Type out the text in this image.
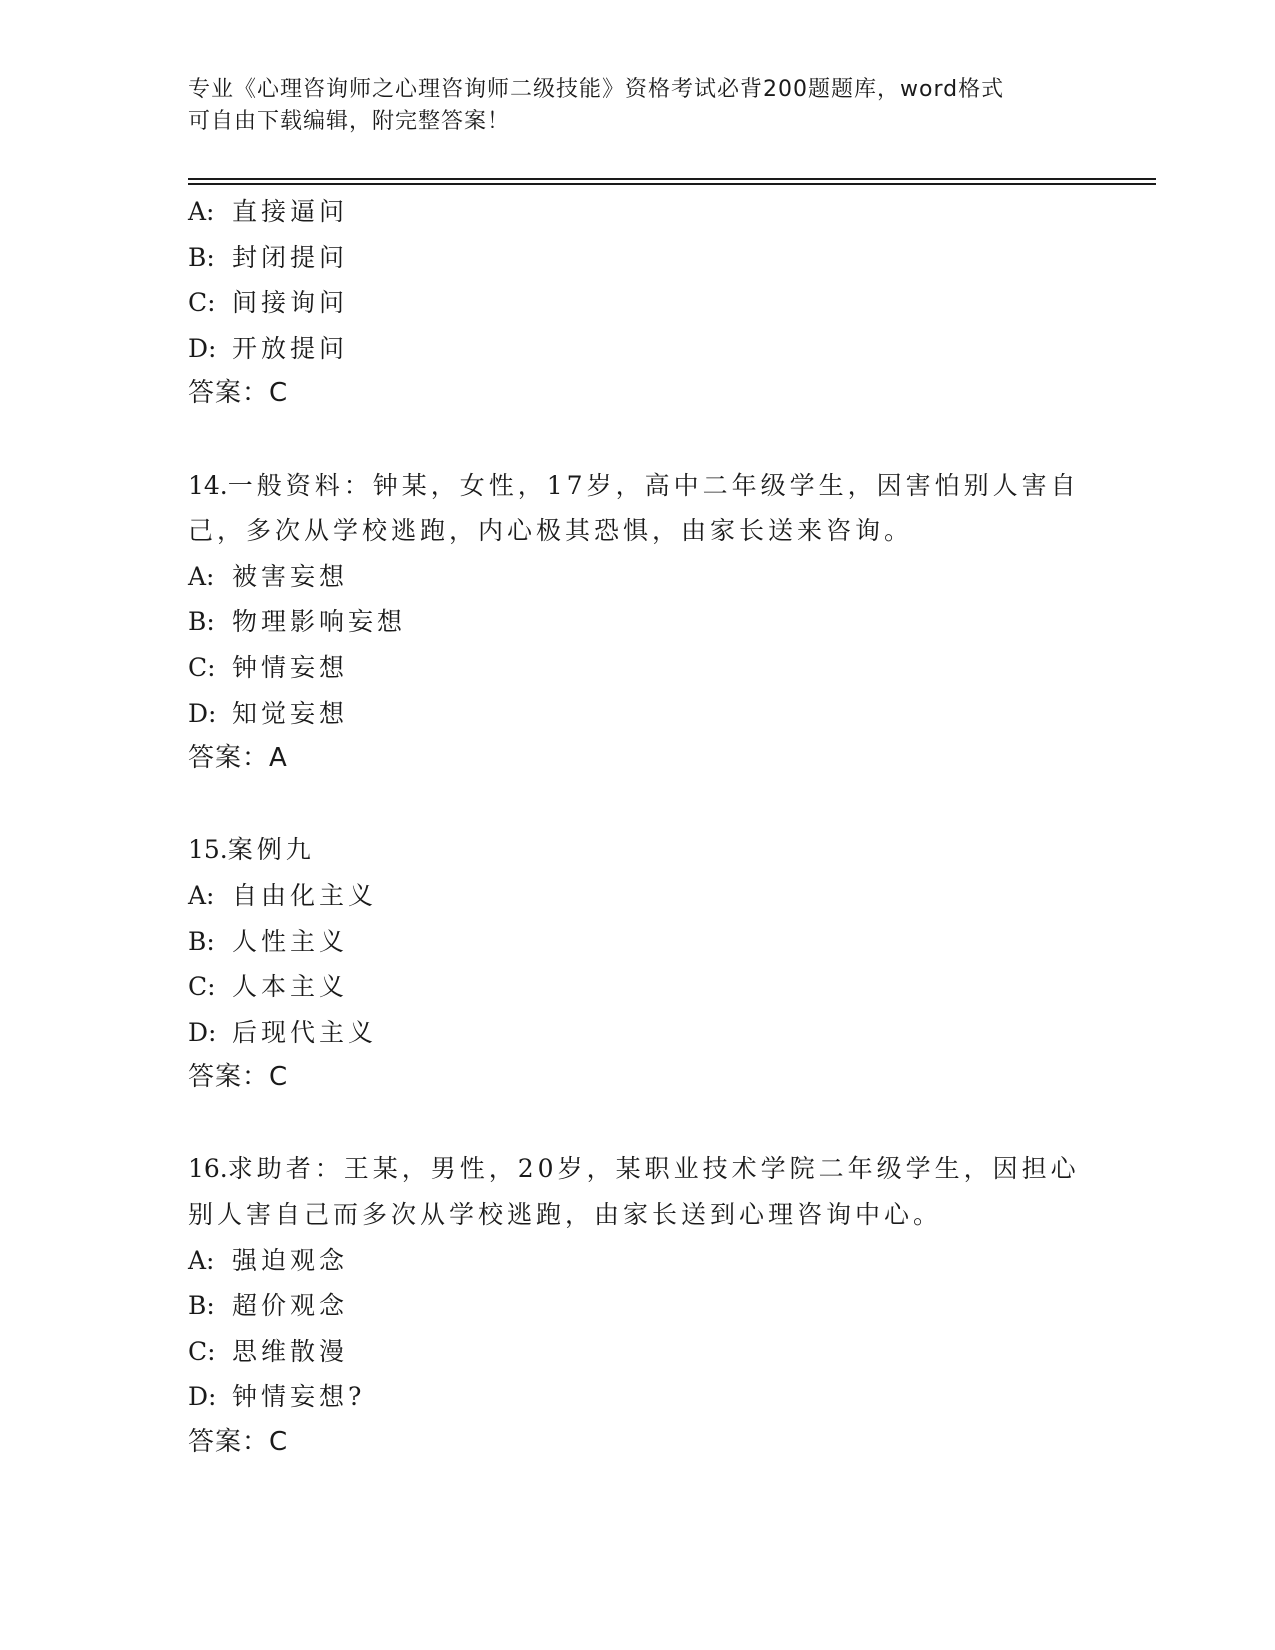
专业《心理咨询师之心理咨询师二级技能》资格考试必背200题题库，word格式
可自由下载编辑，附完整答案！
A: 直接逼问
B: 封闭提问
C: 间接询问
D: 开放提问
答案：C
14.一般资料：钟某，女性，17岁，高中二年级学生，因害怕别人害自
己，多次从学校逃跑，内心极其恐惧，由家长送来咨询。
A: 被害妄想
B: 物理影响妄想
C: 钟情妄想
D: 知觉妄想
答案：A
15.案例九
A: 自由化主义
B: 人性主义
C: 人本主义
D: 后现代主义
答案：C
16.求助者：王某，男性，20岁，某职业技术学院二年级学生，因担心
别人害自己而多次从学校逃跑，由家长送到心理咨询中心。
A: 强迫观念
B: 超价观念
C: 思维散漫
D: 钟情妄想?
答案：C
